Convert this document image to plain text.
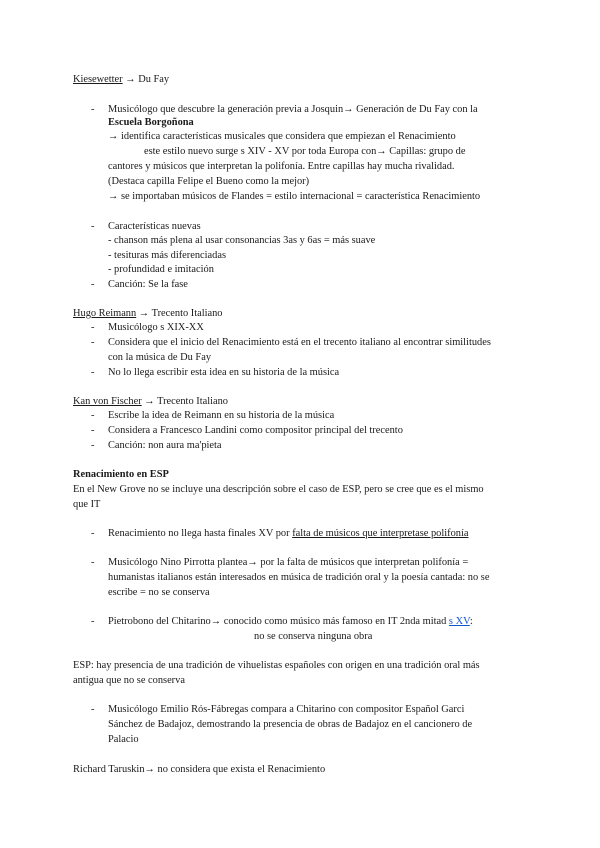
Kiesewetter → Du Fay
- Musicólogo que descubre la generación previa a Josquin→ Generación de Du Fay con la
Escuela Borgoñona
→ identifica características musicales que considera que empiezan el Renacimiento
este estilo nuevo surge s XIV - XV por toda Europa con→ Capillas: grupo de
cantores y músicos que interpretan la polifonía. Entre capillas hay mucha rivalidad.
(Destaca capilla Felipe el Bueno como la mejor)
→ se importaban músicos de Flandes = estilo internacional = característica Renacimiento
- Características nuevas
- chanson más plena al usar consonancias 3as y 6as = más suave
- tesituras más diferenciadas
- profundidad e imitación
- Canción: Se la fase
Hugo Reimann → Trecento Italiano
- Musicólogo s XIX-XX
- Considera que el inicio del Renacimiento está en el trecento italiano al encontrar similitudes
con la música de Du Fay
- No lo llega escribir esta idea en su historia de la música
Kan von Fischer → Trecento Italiano
- Escribe la idea de Reimann en su historia de la música
- Considera a Francesco Landini como compositor principal del trecento
- Canción: non aura ma'pieta
Renacimiento en ESP
En el New Grove no se incluye una descripción sobre el caso de ESP, pero se cree que es el mismo
que IT
- Renacimiento no llega hasta finales XV por falta de músicos que interpretase polifonía
- Musicólogo Nino Pirrotta plantea→ por la falta de músicos que interpretan polifonía =
humanistas italianos están interesados en música de tradición oral y la poesía cantada: no se
escribe = no se conserva
- Pietrobono del Chitarino→ conocido como músico más famoso en IT 2nda mitad s XV:
no se conserva ninguna obra
ESP: hay presencia de una tradición de vihuelistas españoles con origen en una tradición oral más
antigua que no se conserva
- Musicólogo Emilio Rós-Fábregas compara a Chitarino con compositor Español Garci
Sánchez de Badajoz, demostrando la presencia de obras de Badajoz en el cancionero de
Palacio
Richard Taruskin→ no considera que exista el Renacimiento
